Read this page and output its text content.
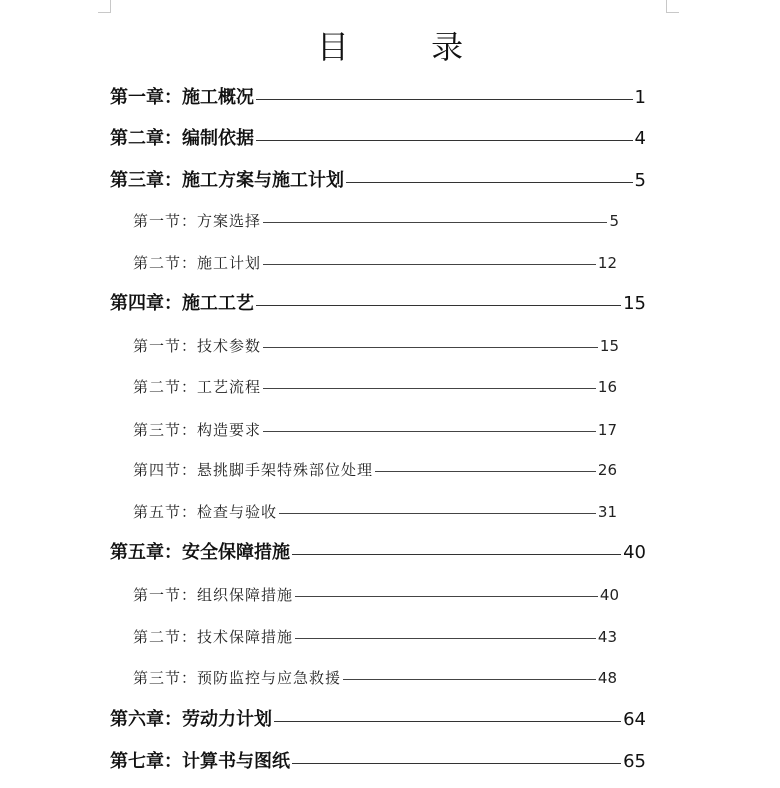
目 录
第一章：施工概况	1
第二章：编制依据	4
第三章：施工方案与施工计划	5
第一节：方案选择	5
第二节：施工计划	12
第四章：施工工艺	15
第一节：技术参数	15
第二节：工艺流程	16
第三节：构造要求	17
第四节：悬挑脚手架特殊部位处理	26
第五节：检查与验收	31
第五章：安全保障措施	40
第一节：组织保障措施	40
第二节：技术保障措施	43
第三节：预防监控与应急救援	48
第六章：劳动力计划	64
第七章：计算书与图纸	65
